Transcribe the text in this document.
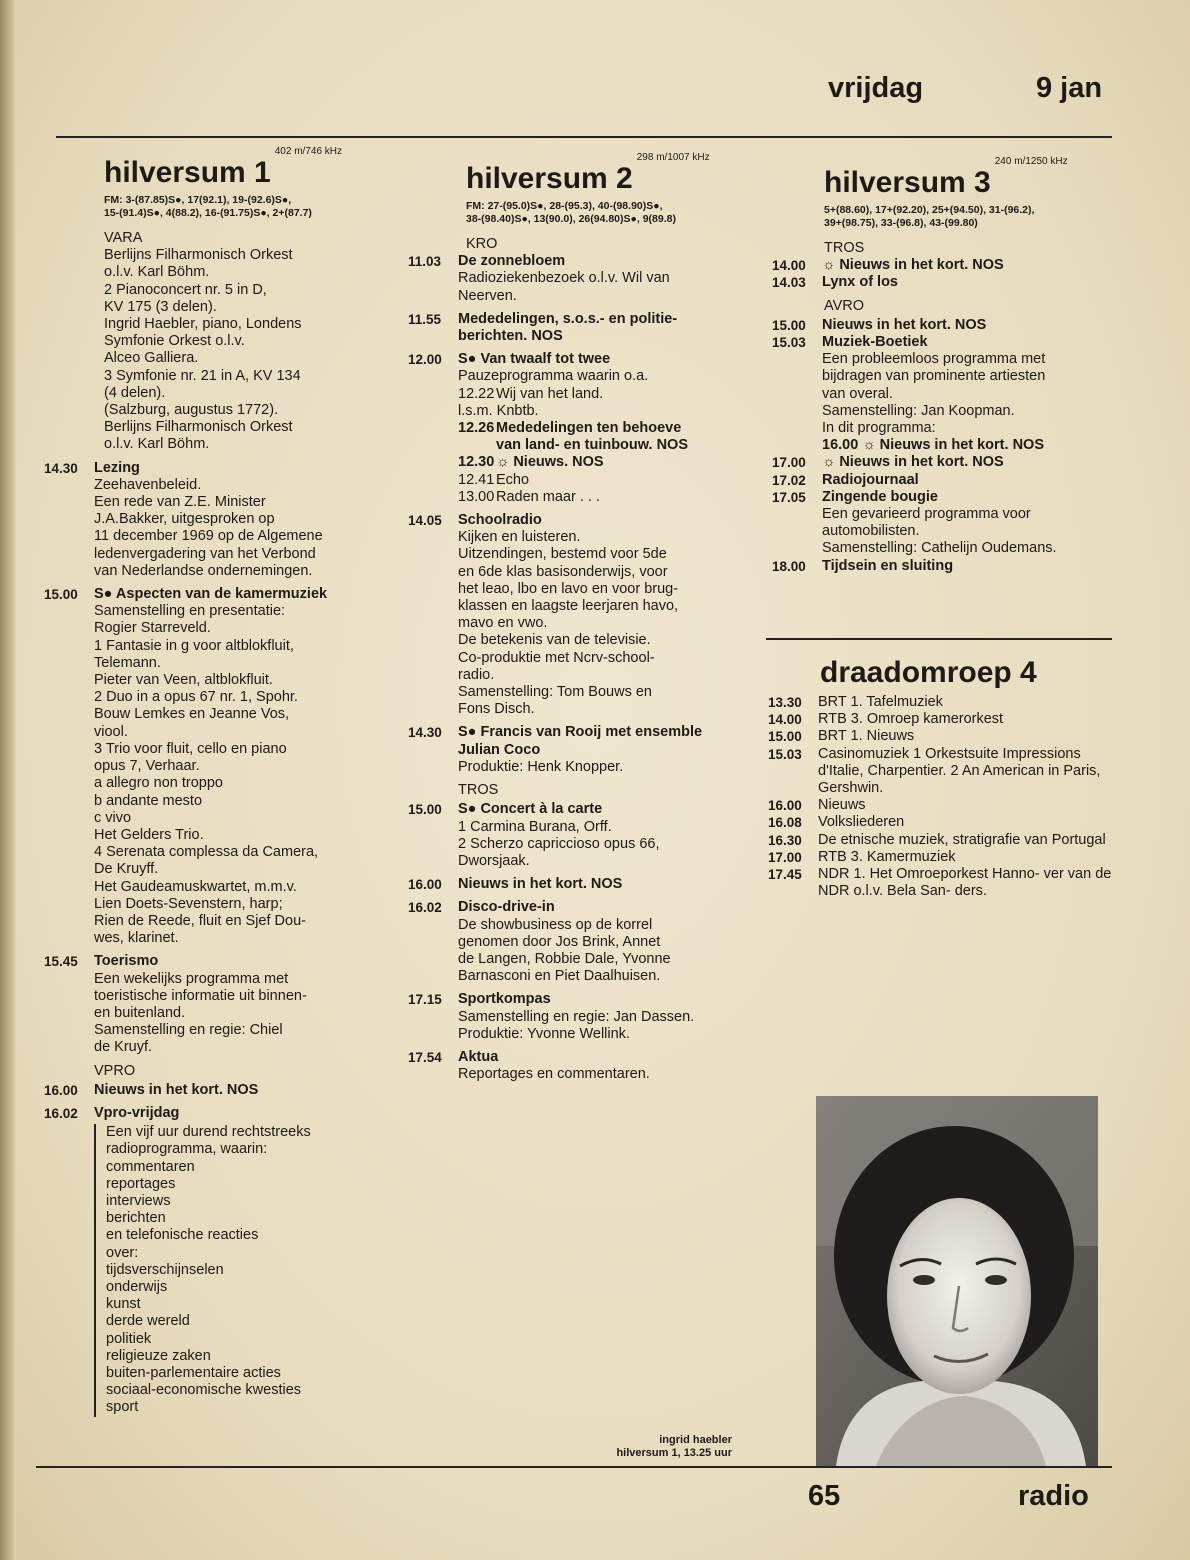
vrijdag	9 jan
hilversum $1^{402 m/746 kHz}$
FM: 3-(87.85)S●, 17(92.1), 19-(92.6)S●,
15-(91.4)S●, 4(88.2), 16-(91.75)S●, 2+(87.7)
VARA
Berlijns Filharmonisch Orkest
o.l.v. Karl Böhm.
2 Pianoconcert nr. 5 in D,
KV 175 (3 delen).
Ingrid Haebler, piano, Londens
Symfonie Orkest o.l.v.
Alceo Galliera.
3 Symfonie nr. 21 in A, KV 134
(4 delen).
(Salzburg, augustus 1772).
Berlijns Filharmonisch Orkest
o.l.v. Karl Böhm.
14.30	Lezing
Zeehavenbeleid.
Een rede van Z.E. Minister
J.A.Bakker, uitgesproken op
11 december 1969 op de Algemene
ledenvergadering van het Verbond
van Nederlandse ondernemingen.
15.00	S● Aspecten van de kamermuziek
Samenstelling en presentatie:
Rogier Starreveld.
1 Fantasie in g voor altblokfluit,
Telemann.
Pieter van Veen, altblokfluit.
2 Duo in a opus 67 nr. 1, Spohr.
Bouw Lemkes en Jeanne Vos,
viool.
3 Trio voor fluit, cello en piano
opus 7, Verhaar.
a allegro non troppo
b andante mesto
c vivo
Het Gelders Trio.
4 Serenata complessa da Camera,
De Kruyff.
Het Gaudeamuskwartet, m.m.v.
Lien Doets-Sevenstern, harp;
Rien de Reede, fluit en Sjef Dou-
wes, klarinet.
15.45	Toerismo
Een wekelijks programma met
toeristische informatie uit binnen-
en buitenland.
Samenstelling en regie: Chiel
de Kruyf.
VPRO
16.00	Nieuws in het kort. NOS
16.02	Vpro-vrijdag
Een vijf uur durend rechtstreeks
radioprogramma, waarin:
commentaren
reportages
interviews
berichten
en telefonische reacties
over:
tijdsverschijnselen
onderwijs
kunst
derde wereld
politiek
religieuze zaken
buiten-parlementaire acties
sociaal-economische kwesties
sport
hilversum $2^{298 m/1007 kHz}$
FM: 27-(95.0)S●, 28-(95.3), 40-(98.90)S●,
38-(98.40)S●, 13(90.0), 26(94.80)S●, 9(89.8)
KRO
11.03	De zonnebloem
Radioziekenbezoek o.l.v. Wil van
Neerven.
11.55	Mededelingen, s.o.s.- en politie-
berichten. NOS
12.00	S● Van twaalf tot twee
Pauzeprogramma waarin o.a.
12.22 Wij van het land.
l.s.m. Knbtb.
12.26 Mededelingen ten behoeve
van land- en tuinbouw. NOS
12.30 ☼ Nieuws. NOS
12.41 Echo
13.00 Raden maar . . .
14.05	Schoolradio
Kijken en luisteren.
Uitzendingen, bestemd voor 5de
en 6de klas basisonderwijs, voor
het leao, lbo en lavo en voor brug-
klassen en laagste leerjaren havo,
mavo en vwo.
De betekenis van de televisie.
Co-produktie met Ncrv-school-
radio.
Samenstelling: Tom Bouws en
Fons Disch.
14.30	S● Francis van Rooij met ensemble
Julian Coco
Produktie: Henk Knopper.
TROS
15.00	S● Concert à la carte
1 Carmina Burana, Orff.
2 Scherzo capriccioso opus 66,
Dworsjaak.
16.00	Nieuws in het kort. NOS
16.02	Disco-drive-in
De showbusiness op de korrel
genomen door Jos Brink, Annet
de Langen, Robbie Dale, Yvonne
Barnasconi en Piet Daalhuisen.
17.15	Sportkompas
Samenstelling en regie: Jan Dassen.
Produktie: Yvonne Wellink.
17.54	Aktua
Reportages en commentaren.
hilversum $3^{240 m/1250 kHz}$
5+(88.60), 17+(92.20), 25+(94.50), 31-(96.2),
39+(98.75), 33-(96.8), 43-(99.80)
TROS
14.00	☼ Nieuws in het kort. NOS
14.03	Lynx of los
AVRO
15.00	Nieuws in het kort. NOS
15.03	Muziek-Boetiek
Een probleemloos programma met
bijdragen van prominente artiesten
van overal.
Samenstelling: Jan Koopman.
In dit programma:
16.00 ☼ Nieuws in het kort. NOS
17.00	☼ Nieuws in het kort. NOS
17.02	Radiojournaal
17.05	Zingende bougie
Een gevarieerd programma voor
automobilisten.
Samenstelling: Cathelijn Oudemans.
18.00	Tijdsein en sluiting
draadomroep 4
13.30	BRT 1. Tafelmuziek
14.00	RTB 3. Omroep kamerorkest
15.00	BRT 1. Nieuws
15.03	Casinomuziek 1 Orkestsuite Impressions d'Italie, Charpentier. 2 An American in Paris, Gershwin.
16.00	Nieuws
16.08	Volksliederen
16.30	De etnische muziek, stratigrafie van Portugal
17.00	RTB 3. Kamermuziek
17.45	NDR 1. Het Omroeporkest Hanno- ver van de NDR o.l.v. Bela San- ders.
ingrid haebler
hilversum 1, 13.25 uur
65	radio
